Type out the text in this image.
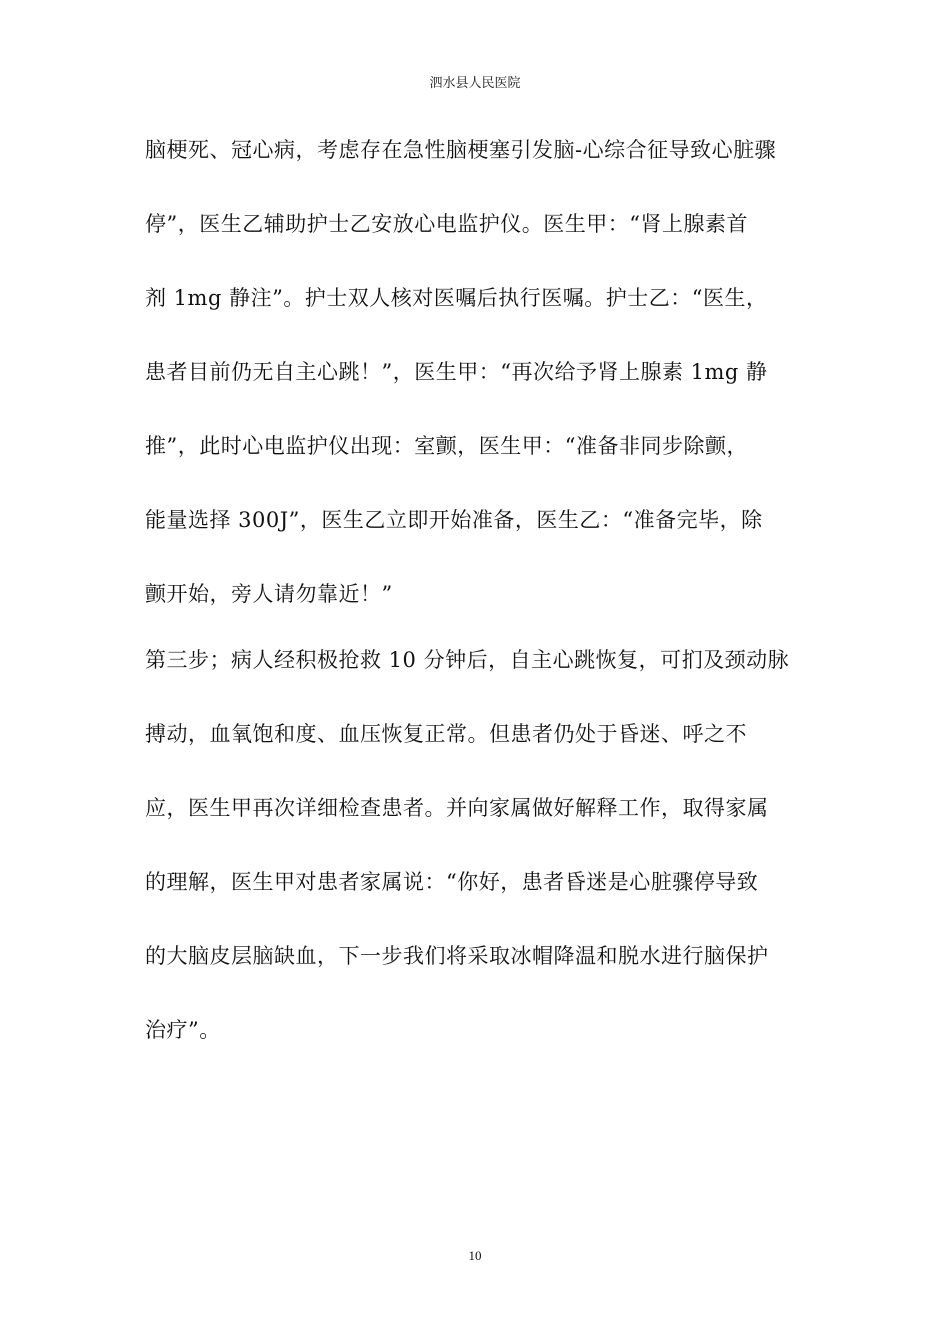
泗水县人民医院
脑梗死、冠心病，考虑存在急性脑梗塞引发脑-心综合征导致心脏骤
停”，医生乙辅助护士乙安放心电监护仪。医生甲：“肾上腺素首
剂 1mg 静注”。护士双人核对医嘱后执行医嘱。护士乙：“医生，
患者目前仍无自主心跳！”，医生甲：“再次给予肾上腺素 1mg 静
推”，此时心电监护仪出现：室颤，医生甲：“准备非同步除颤，
能量选择 300J”，医生乙立即开始准备，医生乙：“准备完毕，除
颤开始，旁人请勿靠近！”
第三步；病人经积极抢救 10 分钟后，自主心跳恢复，可扪及颈动脉
搏动，血氧饱和度、血压恢复正常。但患者仍处于昏迷、呼之不
应，医生甲再次详细检查患者。并向家属做好解释工作，取得家属
的理解，医生甲对患者家属说：“你好，患者昏迷是心脏骤停导致
的大脑皮层脑缺血，下一步我们将采取冰帽降温和脱水进行脑保护
治疗”。
10
